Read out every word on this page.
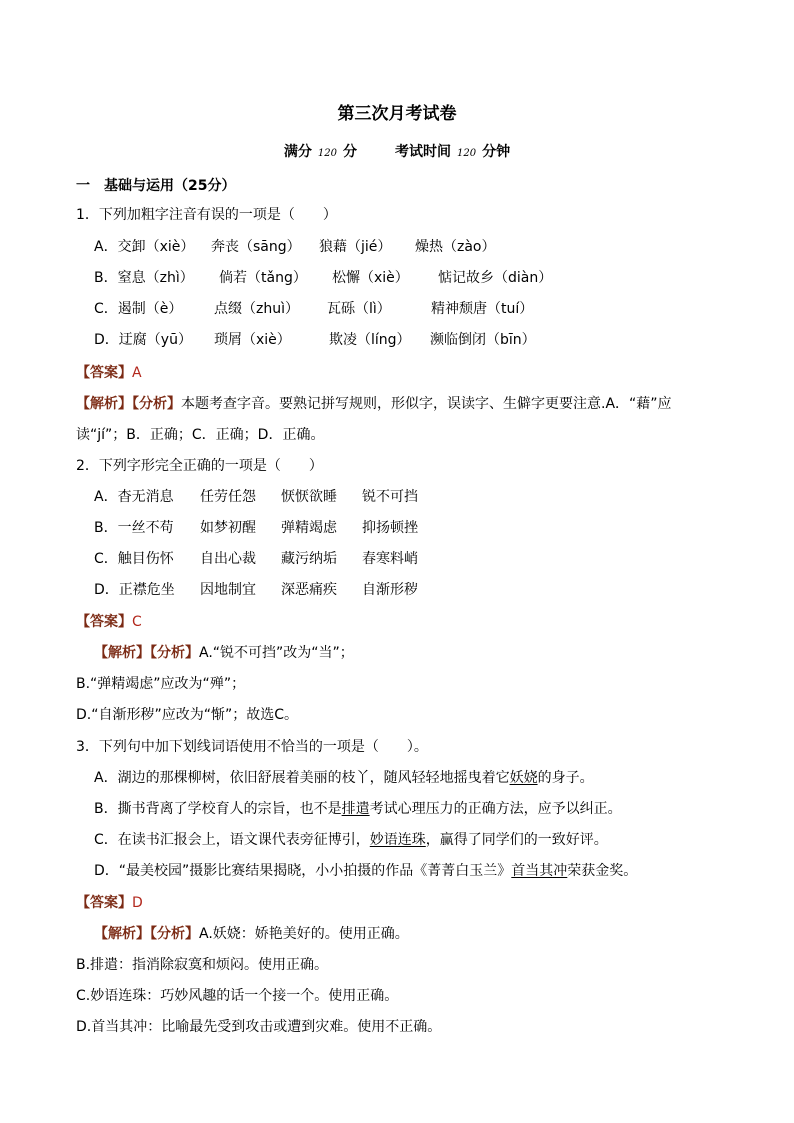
第三次月考试卷
满分 120 分	考试时间 120 分钟
一　基础与运用（25分）
1．下列加粗字注音有误的一项是（　　）
A．交卸（xiè） 奔丧（sāng） 狼藉（jié） 燥热（zào）
B．窒息（zhì） 倘若（tǎng） 松懈（xiè） 惦记故乡（diàn）
C．遏制（è） 点缀（zhuì） 瓦砾（lì）	精神颓唐（tuí）
D．迂腐（yū） 琐屑（xiè）	欺凌（líng） 濒临倒闭（bīn）
【答案】A
【解析】【分析】本题考查字音。要熟记拼写规则，形似字，误读字、生僻字更要注意.A．“藉”应
读“jí”；B．正确；C．正确；D．正确。
2．下列字形完全正确的一项是（　　）
A．杳无消息 任劳任怨 恹恹欲睡 锐不可挡
B．一丝不苟 如梦初醒 弹精竭虑 抑扬顿挫
C．触目伤怀 自出心裁 藏污纳垢 春寒料峭
D．正襟危坐 因地制宜 深恶痛疾 自渐形秽
【答案】C
【解析】【分析】A.“锐不可挡”改为“当”；
B.“弹精竭虑”应改为“殚”；
D.“自渐形秽”应改为“惭”；故选C。
3．下列句中加下划线词语使用不恰当的一项是（　　）。
A．湖边的那棵柳树，依旧舒展着美丽的枝丫，随风轻轻地摇曳着它妖娆的身子。
B．撕书背离了学校育人的宗旨，也不是排遣考试心理压力的正确方法，应予以纠正。
C．在读书汇报会上，语文课代表旁征博引，妙语连珠，赢得了同学们的一致好评。
D．“最美校园”摄影比赛结果揭晓，小小拍摄的作品《菁菁白玉兰》首当其冲荣获金奖。
【答案】D
【解析】【分析】A.妖娆：娇艳美好的。使用正确。
B.排遣：指消除寂寞和烦闷。使用正确。
C.妙语连珠：巧妙风趣的话一个接一个。使用正确。
D.首当其冲：比喻最先受到攻击或遭到灾难。使用不正确。
